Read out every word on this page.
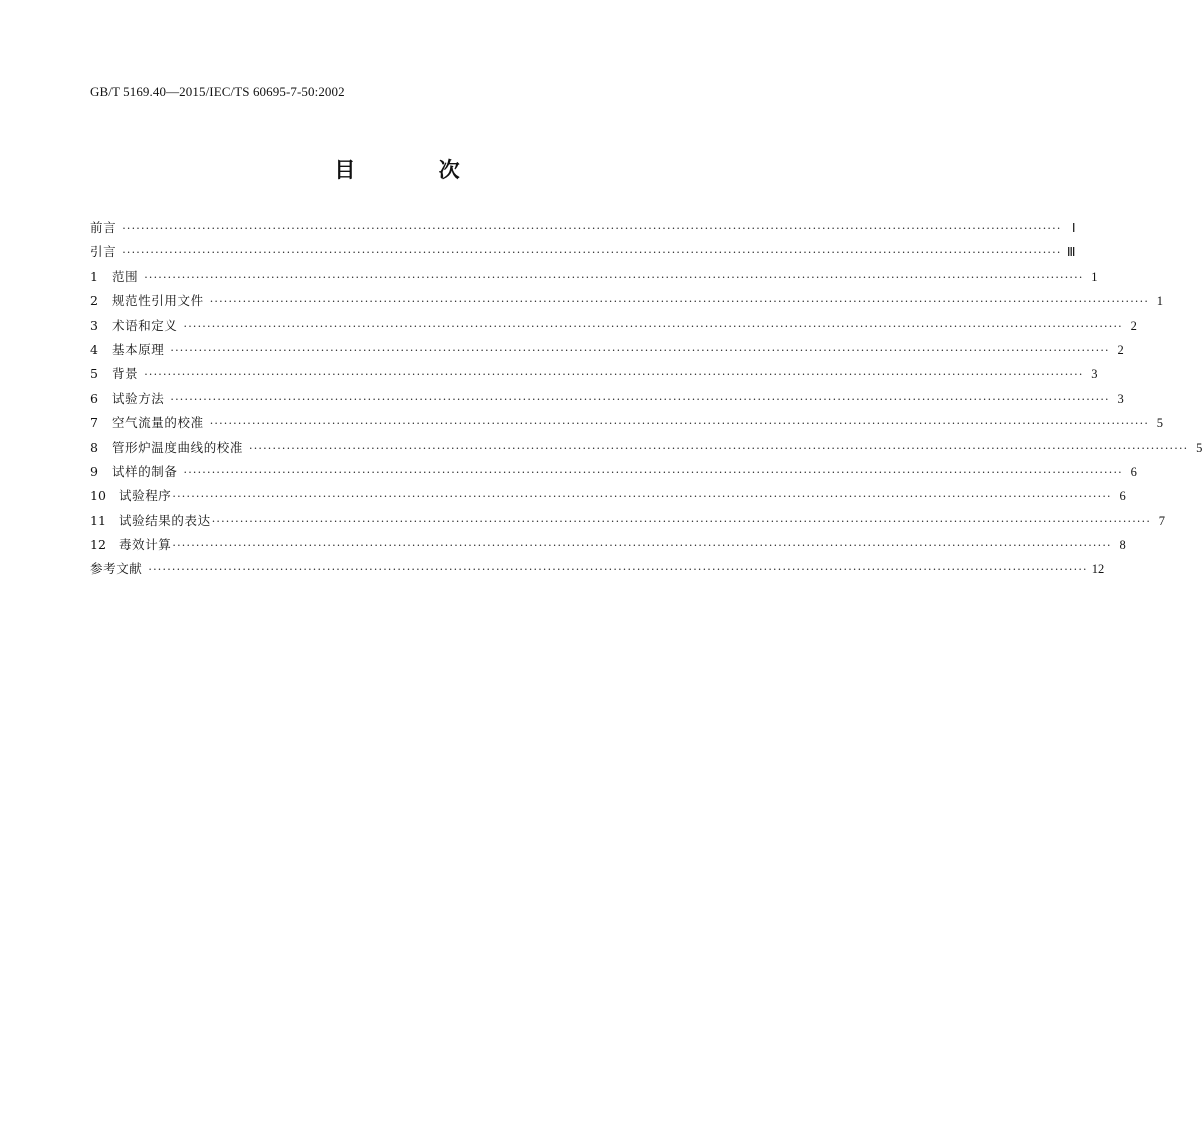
GB/T 5169.40—2015/IEC/TS 60695-7-50:2002
目 次
前言 ········································································································································································································ Ⅰ
引言 ········································································································································································································ Ⅲ
1	范围 ········································································································································································································ 1
2	规范性引用文件 ········································································································································································································ 1
3	术语和定义 ········································································································································································································ 2
4	基本原理 ········································································································································································································ 2
5	背景 ········································································································································································································ 3
6	试验方法 ········································································································································································································ 3
7	空气流量的校准 ········································································································································································································ 5
8	管形炉温度曲线的校准 ········································································································································································································ 5
9	试样的制备 ········································································································································································································ 6
10	试验程序 ········································································································································································································ 6
11	试验结果的表达 ········································································································································································································ 7
12	毒效计算 ········································································································································································································ 8
参考文献 ········································································································································································································ 12
